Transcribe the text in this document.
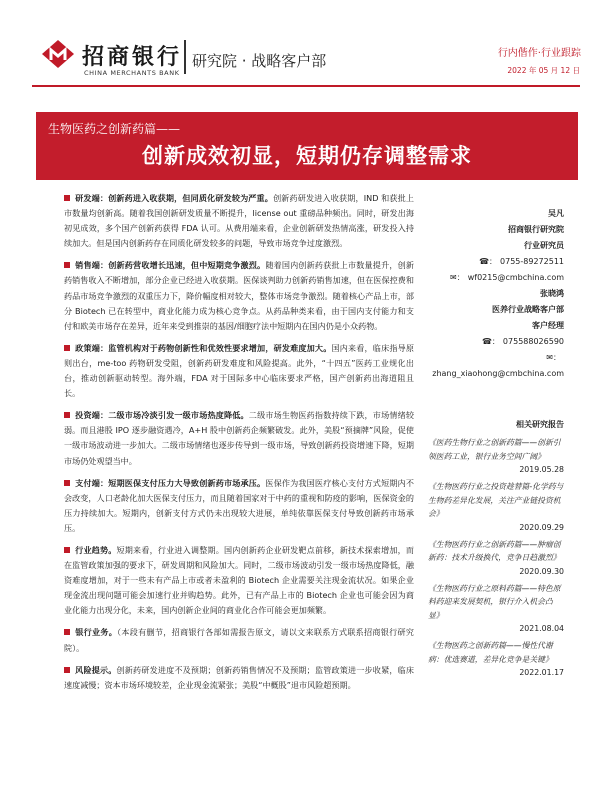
招商银行
CHINA MERCHANTS BANK
研究院 · 战略客户部	行内偕作·行业跟踪
2022 年 05 月 12 日
生物医药之创新药篇——
创新成效初显，短期仍存调整需求

研发端：创新药进入收获期，但同质化研发较为严重。创新药研发进入收获期，IND 和获批上市数量均创新高。随着我国创新研发质量不断提升，license out 重磅品种频出。同时，研发出海初见成效，多个国产创新药获得 FDA 认可。从费用端来看，企业创新研发热情高涨，研发投入持续加大。但是国内创新药存在同质化研发较多的问题，导致市场竞争过度激烈。

销售端：创新药营收增长迅速，但中短期竞争激烈。随着国内创新药获批上市数量提升，创新药销售收入不断增加，部分企业已经进入收获期。医保谈判助力创新药销售加速，但在医保控费和药品市场竞争激烈的双重压力下，降价幅度相对较大，整体市场竞争激烈。随着核心产品上市，部分 Biotech 已在转型中，商业化能力成为核心竞争点。从药品种类来看，由于国内支付能力和支付和欧美市场存在差异，近年来受到推崇的基因/细胞疗法中短期内在国内仍是小众药物。

政策端：监管机构对于药物创新性和优效性要求增加，研发难度加大。国内来看，临床指导原则出台，me-too 药物研发受阻，创新药研发难度和风险提高。此外，“十四五”医药工业规化出台，推动创新驱动转型。海外端，FDA 对于国际多中心临床要求严格，国产创新药出海道阻且长。

投资端：二级市场冷淡引发一级市场热度降低。二级市场生物医药指数持续下跌，市场情绪较弱。而且港股 IPO 逐步融资遇冷，A+H 股中创新药企频繁破发。此外，美股“预摘牌”风险，促使一级市场波动进一步加大。二级市场情绪也逐步传导到一级市场，导致创新药投资增速下降，短期市场仍处观望当中。

支付端：短期医保支付压力大导致创新药市场承压。医保作为我国医疗核心支付方式短期内不会改变，人口老龄化加大医保支付压力，而且随着国家对于中药的重视和防疫的影响，医保资金的压力持续加大。短期内，创新支付方式仍未出现较大进展，单纯依靠医保支付导致创新药市场承压。

行业趋势。短期来看，行业进入调整期。国内创新药企业研发靶点前移，新技术探索增加，而在监管政策加强的要求下，研发周期和风险加大。同时，二级市场波动引发一级市场热度降低，融资难度增加，对于一些未有产品上市或者未盈利的 Biotech 企业需要关注现金流状况。如果企业现金流出现问题可能会加速行业并购趋势。此外，已有产品上市的 Biotech 企业也可能会因为商业化能力出现分化，未来，国内创新企业间的商业化合作可能会更加频繁。

银行业务。（本段有删节，招商银行各部如需报告原文，请以文来联系方式联系招商银行研究院）。

风险提示。创新药研发进度不及预期；创新药销售情况不及预期；监管政策进一步收紧，临床速度减慢；资本市场环境较差，企业现金流紧张；美股“中概股”退市风险超预期。

吴凡
招商银行研究院
行业研究员
☎： 0755-89272511
✉： wf0215@cmbchina.com
张晓鸿
医养行业战略客户部
客户经理
☎： 075588026590
✉：
zhang_xiaohong@cmbchina.com
相关研究报告
《医药生物行业之创新药篇——创新引领医药工业，银行业务空间广阔》
2019.05.28
《生物医药行业之投资趁替篇-化学药与生物药差异化发展，关注产业链投资机会》
2020.09.29
《生物医药行业之创新药篇——肿瘤创新药：技术升级换代，竞争日趋激烈》
2020.09.30
《生物医药行业之原料药篇——特色原料药迎来发展契机，银行介入机会凸显》
2021.08.04
《生物医药之创新药篇——慢性代谢病：优选赛道，差异化竞争是关键》
2022.01.17
